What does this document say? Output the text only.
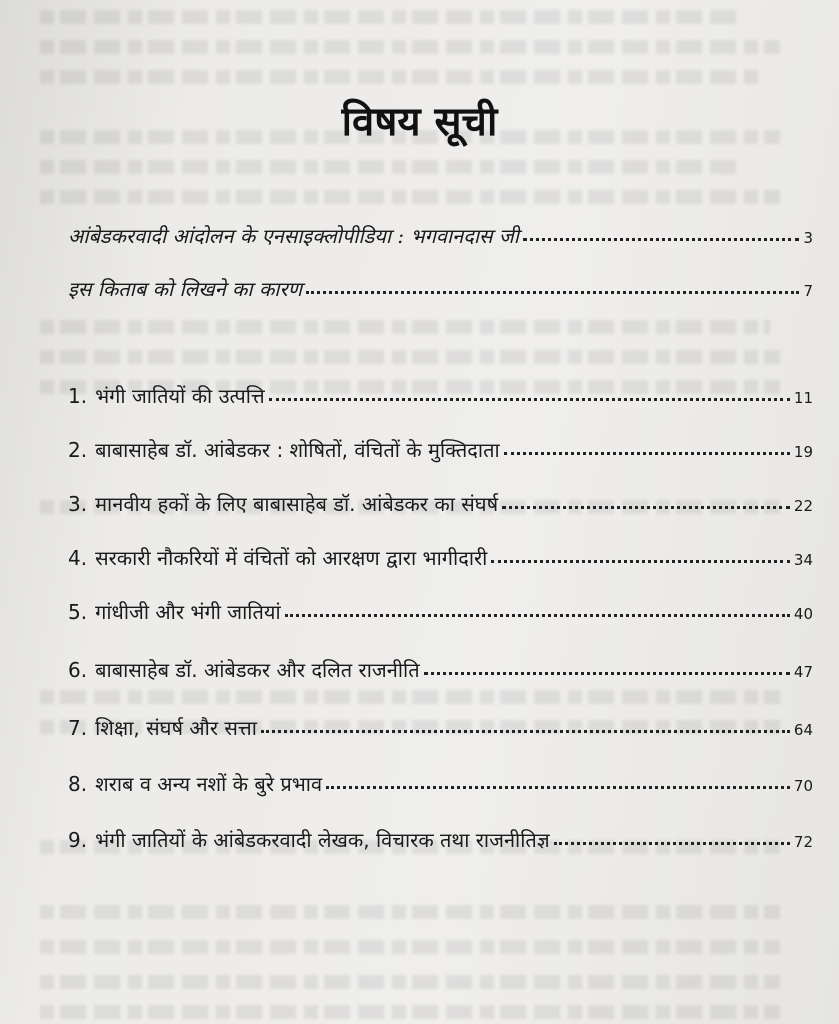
विषय सूची
आंबेडकरवादी आंदोलन के एनसाइक्लोपीडिया : भगवानदास जी	3
इस किताब को लिखने का कारण	7
1. भंगी जातियों की उत्पत्ति	11
2. बाबासाहेब डॉ. आंबेडकर : शोषितों, वंचितों के मुक्तिदाता	19
3. मानवीय हकों के लिए बाबासाहेब डॉ. आंबेडकर का संघर्ष	22
4. सरकारी नौकरियों में वंचितों को आरक्षण द्वारा भागीदारी	34
5. गांधीजी और भंगी जातियां	40
6. बाबासाहेब डॉ. आंबेडकर और दलित राजनीति	47
7. शिक्षा, संघर्ष और सत्ता	64
8. शराब व अन्य नशों के बुरे प्रभाव	70
9. भंगी जातियों के आंबेडकरवादी लेखक, विचारक तथा राजनीतिज्ञ	72
